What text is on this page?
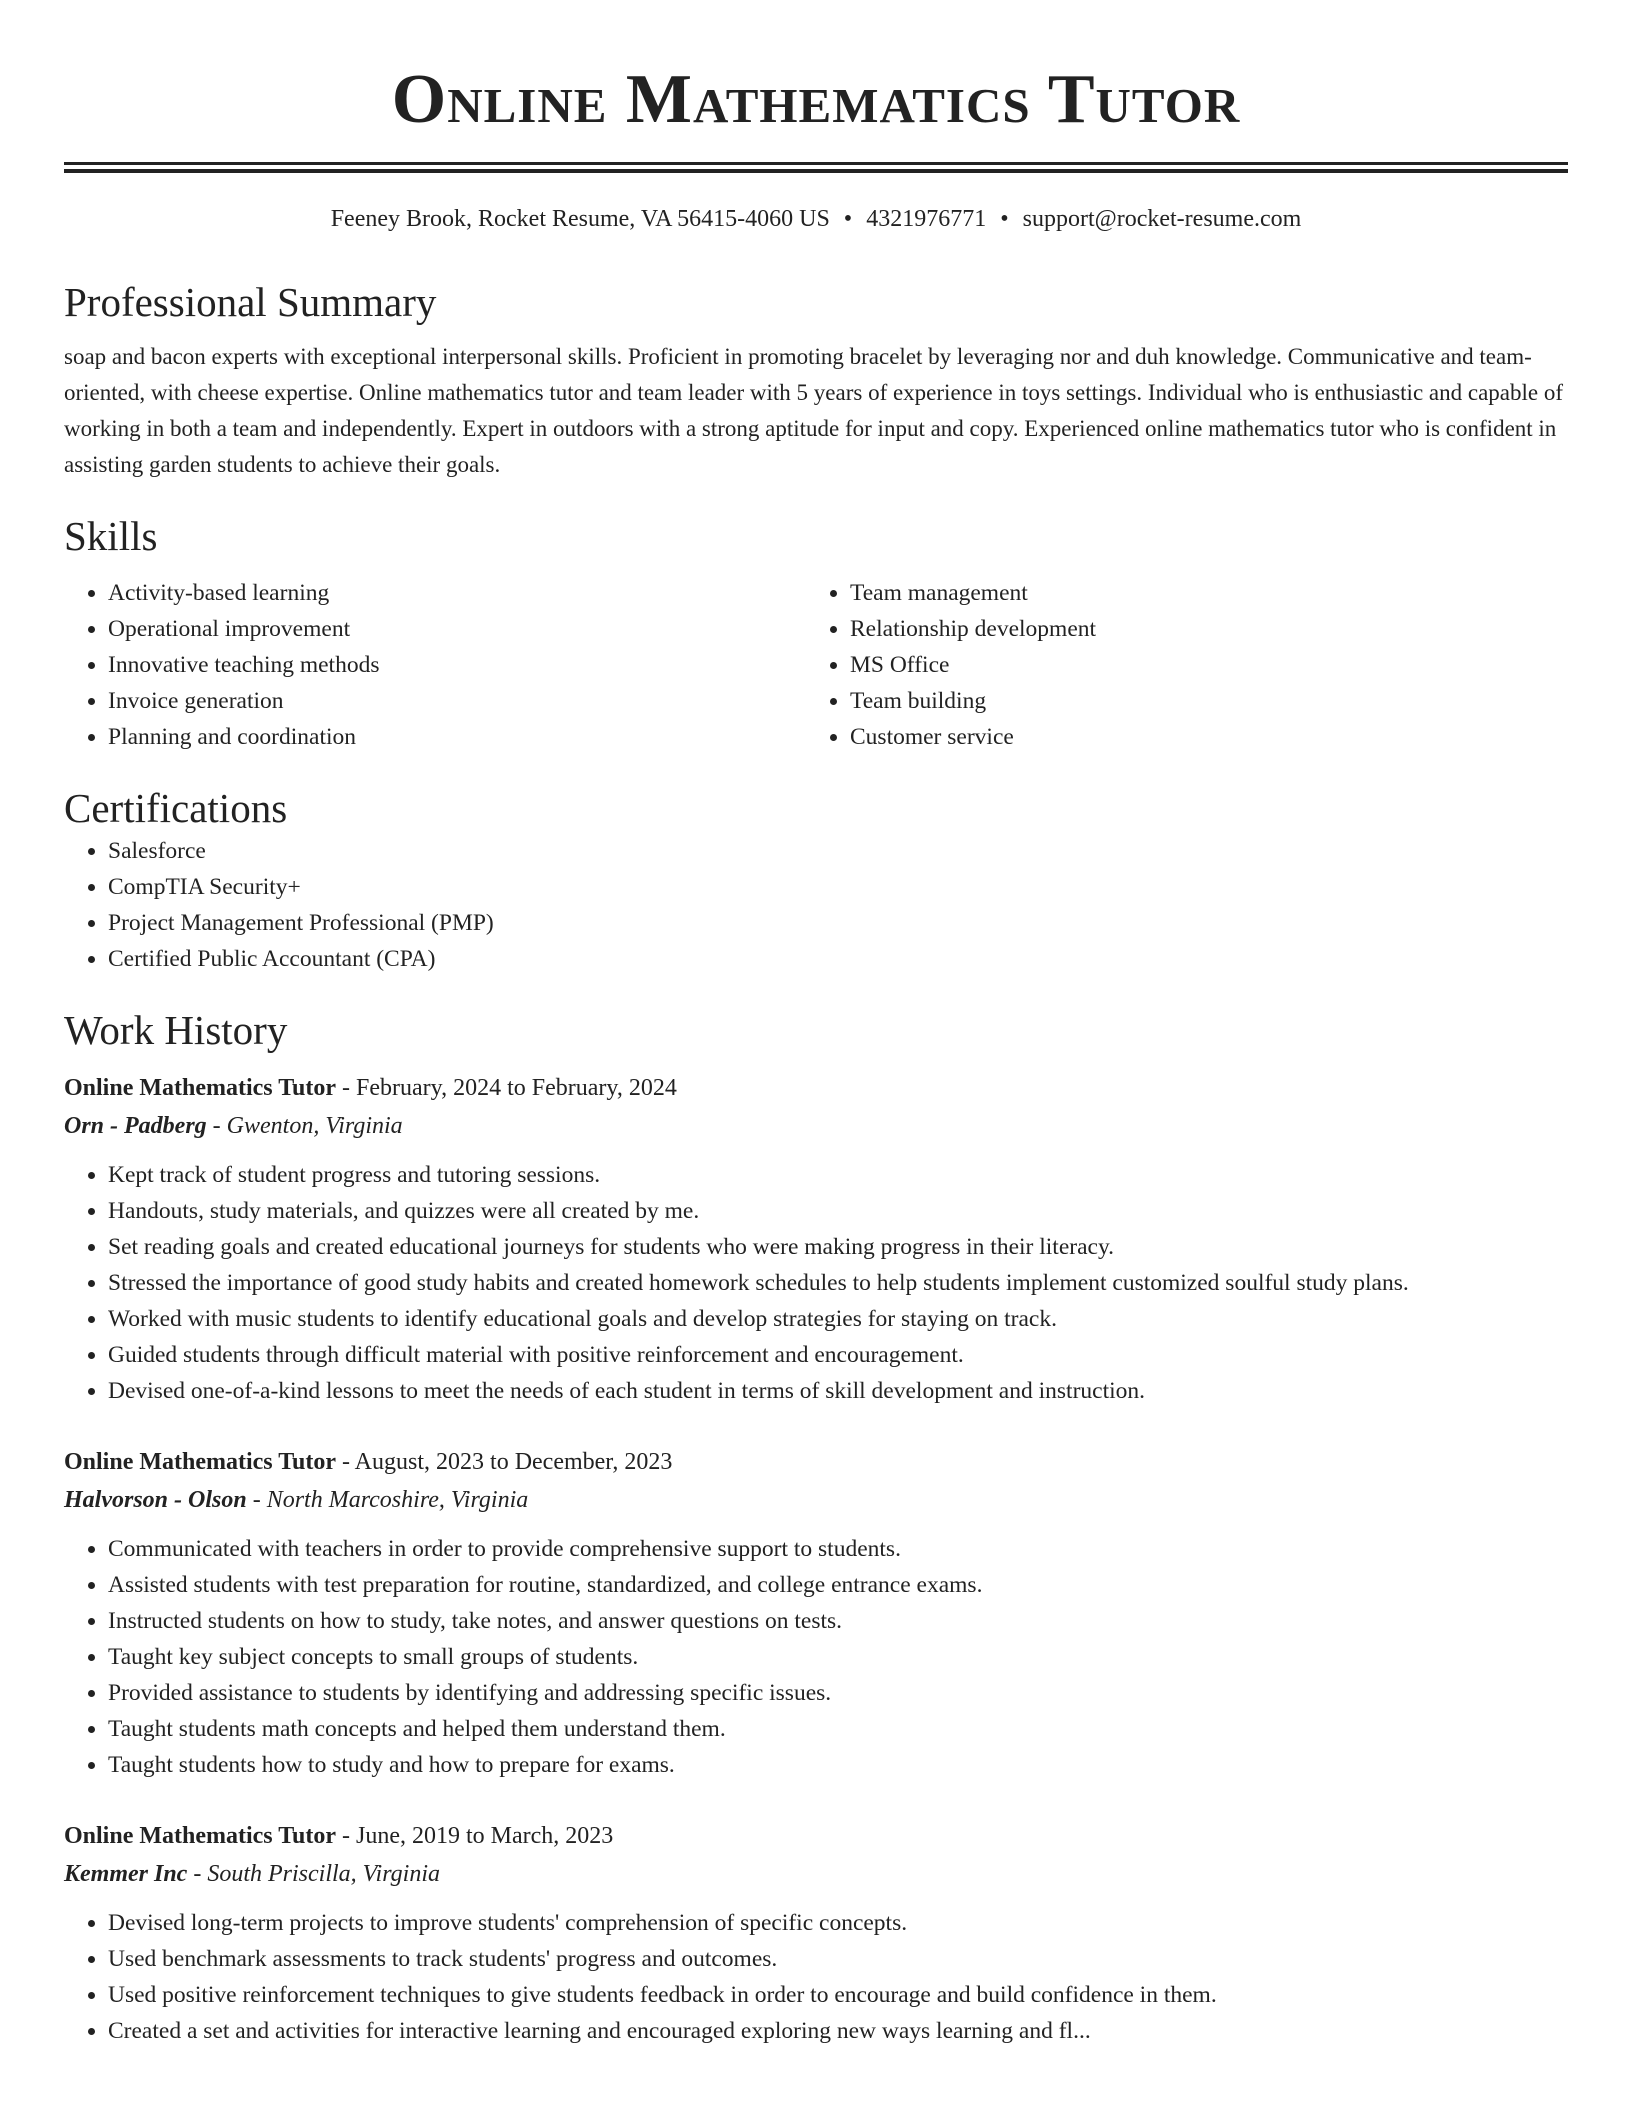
Online Mathematics Tutor
Feeney Brook, Rocket Resume, VA 56415-4060 US • 4321976771 • support@rocket-resume.com
Professional Summary

soap and bacon experts with exceptional interpersonal skills. Proficient in promoting bracelet by leveraging nor and duh knowledge. Communicative and team-oriented, with cheese expertise. Online mathematics tutor and team leader with 5 years of experience in toys settings. Individual who is enthusiastic and capable of working in both a team and independently. Expert in outdoors with a strong aptitude for input and copy. Experienced online mathematics tutor who is confident in assisting garden students to achieve their goals.

Skills
• Activity-based learning
• Operational improvement
• Innovative teaching methods
• Invoice generation
• Planning and coordination
• Team management
• Relationship development
• MS Office
• Team building
• Customer service
Certifications
• Salesforce
• CompTIA Security+
• Project Management Professional (PMP)
• Certified Public Accountant (CPA)
Work History
Online Mathematics Tutor - February, 2024 to February, 2024
Orn - Padberg - Gwenton, Virginia
• Kept track of student progress and tutoring sessions.
• Handouts, study materials, and quizzes were all created by me.
• Set reading goals and created educational journeys for students who were making progress in their literacy.
• Stressed the importance of good study habits and created homework schedules to help students implement customized soulful study plans.
• Worked with music students to identify educational goals and develop strategies for staying on track.
• Guided students through difficult material with positive reinforcement and encouragement.
• Devised one-of-a-kind lessons to meet the needs of each student in terms of skill development and instruction.
Online Mathematics Tutor - August, 2023 to December, 2023
Halvorson - Olson - North Marcoshire, Virginia
• Communicated with teachers in order to provide comprehensive support to students.
• Assisted students with test preparation for routine, standardized, and college entrance exams.
• Instructed students on how to study, take notes, and answer questions on tests.
• Taught key subject concepts to small groups of students.
• Provided assistance to students by identifying and addressing specific issues.
• Taught students math concepts and helped them understand them.
• Taught students how to study and how to prepare for exams.
Online Mathematics Tutor - June, 2019 to March, 2023
Kemmer Inc - South Priscilla, Virginia
• Devised long-term projects to improve students' comprehension of specific concepts.
• Used benchmark assessments to track students' progress and outcomes.
• Used positive reinforcement techniques to give students feedback in order to encourage and build confidence in them.
• Created a set and activities for interactive learning and encouraged exploring new ways learning and fl...
